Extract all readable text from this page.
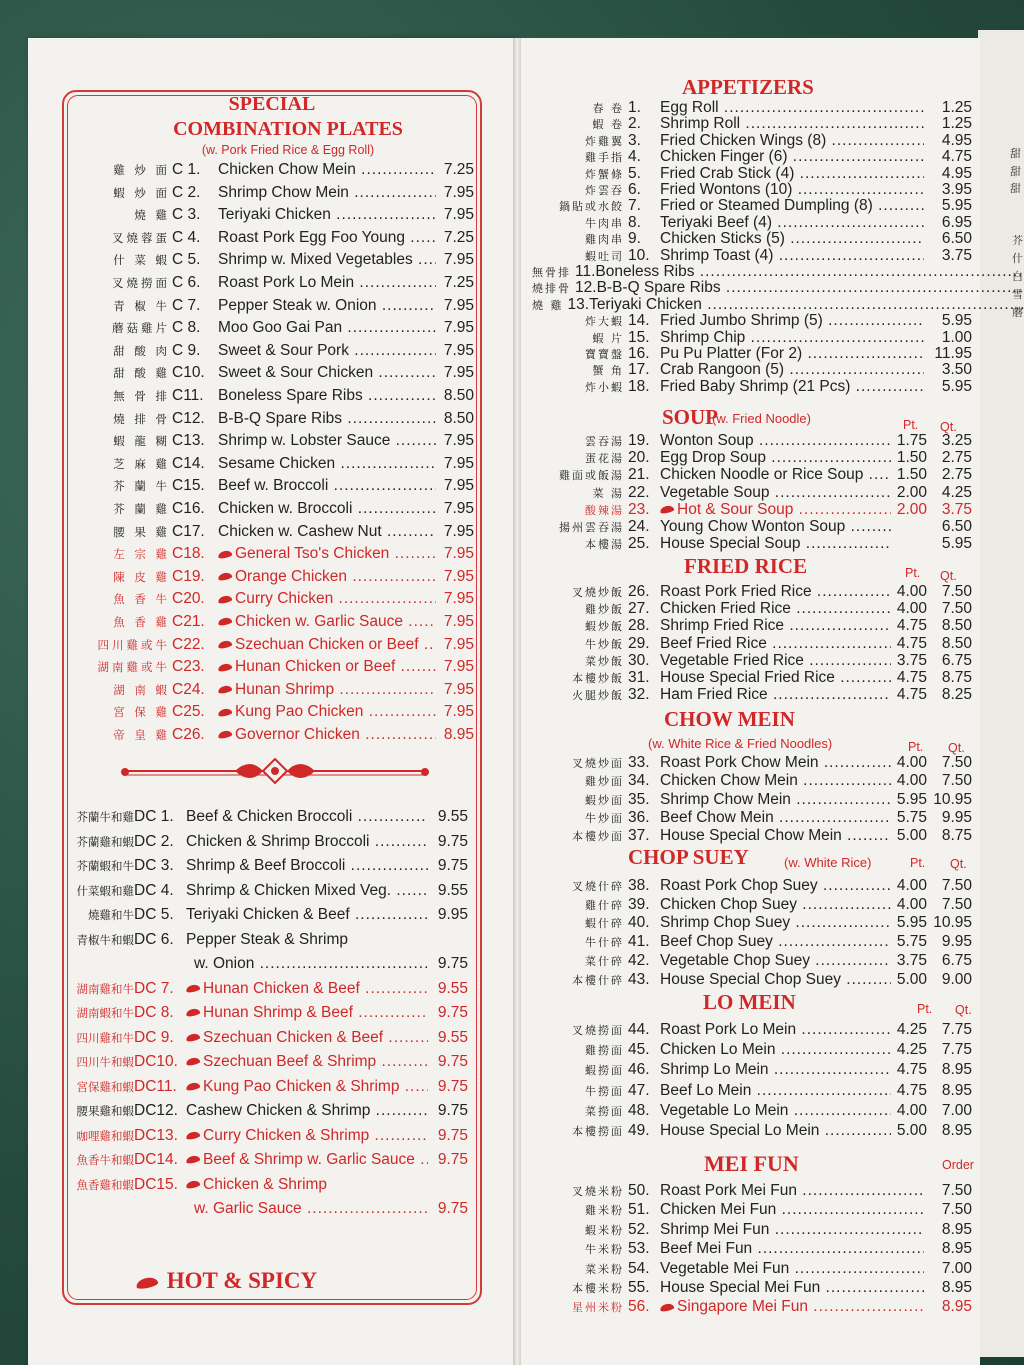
SPECIAL
COMBINATION PLATES
(w. Pork Fried Rice & Egg Roll)
雞 炒 面 C 1.	Chicken Chow Mein .....	7.25
蝦 炒 面 C 2.	Shrimp Chow Mein .....	7.95
燒 雞 C 3.	Teriyaki Chicken .....	7.95
叉燒蓉蛋 C 4.	Roast Pork Egg Foo Young .....	7.25
什 菜 蝦 C 5.	Shrimp w. Mixed Vegetables .....	7.95
叉燒撈面 C 6.	Roast Pork Lo Mein .....	7.25
青 椒 牛 C 7.	Pepper Steak w. Onion .....	7.95
蘑菇雞片 C 8.	Moo Goo Gai Pan .....	7.95
甜 酸 肉 C 9.	Sweet & Sour Pork .....	7.95
甜 酸 雞 C10. Sweet & Sour Chicken .....	7.95
無 骨 排 C11. Boneless Spare Ribs .....	8.50
燒 排 骨 C12. B-B-Q Spare Ribs .....	8.50
蝦 龍 糊 C13. Shrimp w. Lobster Sauce .....	7.95
芝 麻 雞 C14. Sesame Chicken .....	7.95
芥 蘭 牛 C15. Beef w. Broccoli .....	7.95
芥 蘭 雞 C16. Chicken w. Broccoli .....	7.95
腰 果 雞 C17. Chicken w. Cashew Nut .....	7.95
左 宗 雞 C18.	General Tso's Chicken .....	7.95
陳 皮 雞 C19.	Orange Chicken .....	7.95
魚 香 牛 C20.	Curry Chicken .....	7.95
魚 香 雞 C21.	Chicken w. Garlic Sauce .....	7.95
四川雞或牛 C22.	Szechuan Chicken or Beef .....	7.95
湖南雞或牛 C23.	Hunan Chicken or Beef .....	7.95
湖 南 蝦 C24.	Hunan Shrimp .....	7.95
宮 保 雞 C25.	Kung Pao Chicken .....	7.95
帝 皇 雞 C26.	Governor Chicken .....	8.95
芥蘭牛和雞 DC 1. Beef & Chicken Broccoli .....	9.55
芥蘭雞和蝦 DC 2. Chicken & Shrimp Broccoli .....	9.75
芥蘭蝦和牛 DC 3. Shrimp & Beef Broccoli .....	9.75
什菜蝦和雞 DC 4. Shrimp & Chicken Mixed Veg. .....	9.55
燒雞和牛 DC 5. Teriyaki Chicken & Beef .....	9.95
青椒牛和蝦 DC 6. Pepper Steak & Shrimp
w. Onion .....	9.75
湖南雞和牛 DC 7.	Hunan Chicken & Beef .....	9.55
湖南蝦和牛 DC 8.	Hunan Shrimp & Beef .....	9.75
四川雞和牛 DC 9.	Szechuan Chicken & Beef .....	9.55
四川牛和蝦 DC10.	Szechuan Beef & Shrimp .....	9.75
宮保雞和蝦 DC11.	Kung Pao Chicken & Shrimp .....	9.75
腰果雞和蝦 DC12. Cashew Chicken & Shrimp .....	9.75
咖哩雞和蝦 DC13.	Curry Chicken & Shrimp .....	9.75
魚香牛和蝦 DC14.	Beef & Shrimp w. Garlic Sauce .....	9.75
魚香雞和蝦 DC15.	Chicken & Shrimp
w. Garlic Sauce .....	9.75
HOT & SPICY
APPETIZERS
春 卷 1.	Egg Roll .....	1.25
蝦 卷 2.	Shrimp Roll .....	1.25
炸雞翼 3.	Fried Chicken Wings (8) .....	4.95
雞手指 4.	Chicken Finger (6) .....	4.75
炸蟹條 5.	Fried Crab Stick (4) .....	4.95
炸雲吞 6.	Fried Wontons (10) .....	3.95
鍋貼或水餃 7.	Fried or Steamed Dumpling (8) .....	5.95
牛肉串 8.	Teriyaki Beef (4) .....	6.95
雞肉串 9.	Chicken Sticks (5) .....	6.50
蝦吐司 10. Shrimp Toast (4) .....	3.75
無骨排 11. Boneless Ribs .....
燒排骨 12. B-B-Q Spare Ribs .....
燒 雞 13. Teriyaki Chicken .....
炸大蝦 14. Fried Jumbo Shrimp (5) .....	5.95
蝦 片 15. Shrimp Chip .....	1.00
寶寶盤 16. Pu Pu Platter (For 2) .....	11.95
蟹 角 17. Crab Rangoon (5) .....	3.50
炸小蝦 18. Fried Baby Shrimp (21 Pcs) .....	5.95
SOUP
(w. Fried Noodle)	Pt. Qt.
雲吞湯 19. Wonton Soup .....	1.75 3.25
蛋花湯 20. Egg Drop Soup .....	1.50 2.75
雞面或飯湯 21. Chicken Noodle or Rice Soup .....	1.50 2.75
菜 湯 22. Vegetable Soup .....	2.00 4.25
酸辣湯 23.	Hot & Sour Soup .....	2.00 3.75
揚州雲吞湯 24. Young Chow Wonton Soup .....	6.50
本樓湯 25. House Special Soup .....	5.95
FRIED RICE	Pt. Qt.
叉燒炒飯 26. Roast Pork Fried Rice .....	4.00 7.50
雞炒飯 27. Chicken Fried Rice .....	4.00 7.50
蝦炒飯 28. Shrimp Fried Rice .....	4.75 8.50
牛炒飯 29. Beef Fried Rice .....	4.75 8.50
菜炒飯 30. Vegetable Fried Rice .....	3.75 6.75
本樓炒飯 31. House Special Fried Rice .....	4.75 8.75
火腿炒飯 32. Ham Fried Rice .....	4.75 8.25
CHOW MEIN
(w. White Rice & Fried Noodles)	Pt. Qt.
叉燒炒面 33. Roast Pork Chow Mein .....	4.00 7.50
雞炒面 34. Chicken Chow Mein .....	4.00 7.50
蝦炒面 35. Shrimp Chow Mein .....	5.95 10.95
牛炒面 36. Beef Chow Mein .....	5.75 9.95
本樓炒面 37. House Special Chow Mein .....	5.00 8.75
CHOP SUEY	(w. White Rice)	Pt. Qt.
叉燒什碎 38. Roast Pork Chop Suey .....	4.00 7.50
雞什碎 39. Chicken Chop Suey .....	4.00 7.50
蝦什碎 40. Shrimp Chop Suey .....	5.95 10.95
牛什碎 41. Beef Chop Suey .....	5.75 9.95
菜什碎 42. Vegetable Chop Suey .....	3.75 6.75
本樓什碎 43. House Special Chop Suey .....	5.00 9.00
LO MEIN	Pt. Qt.
叉燒撈面 44. Roast Pork Lo Mein .....	4.25 7.75
雞撈面 45. Chicken Lo Mein .....	4.25 7.75
蝦撈面 46. Shrimp Lo Mein .....	4.75 8.95
牛撈面 47. Beef Lo Mein .....	4.75 8.95
菜撈面 48. Vegetable Lo Mein .....	4.00 7.00
本樓撈面 49. House Special Lo Mein .....	5.00 8.95
MEI FUN	Order
叉燒米粉 50. Roast Pork Mei Fun .....	7.50
雞米粉 51. Chicken Mei Fun .....	7.50
蝦米粉 52. Shrimp Mei Fun .....	8.95
牛米粉 53. Beef Mei Fun .....	8.95
菜米粉 54. Vegetable Mei Fun .....	7.00
本樓米粉 55. House Special Mei Fun .....	8.95
星州米粉 56.	Singapore Mei Fun .....	8.95
甜
甜
甜
芥
什
白
雪
蘑
